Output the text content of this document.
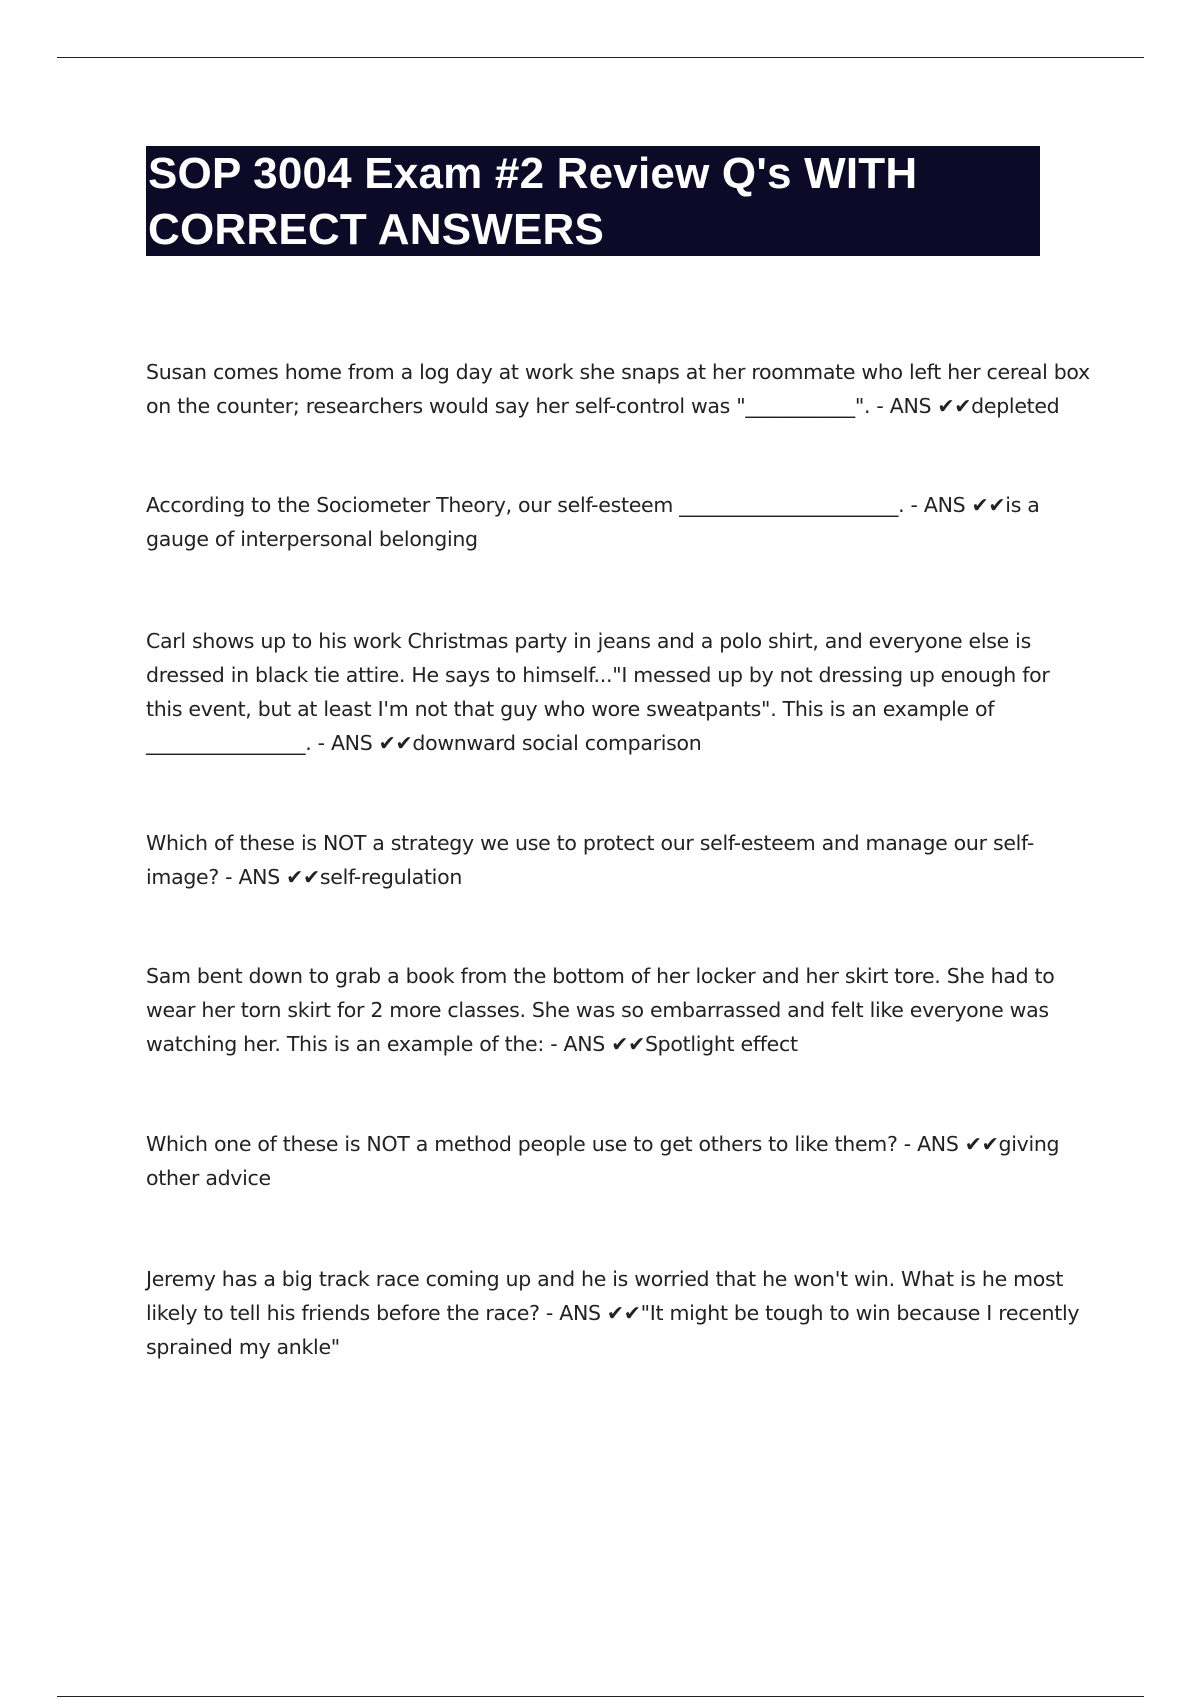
SOP 3004 Exam #2 Review Q's WITH CORRECT ANSWERS

Susan comes home from a log day at work she snaps at her roommate who left her cereal box on the counter; researchers would say her self-control was "___________". - ANS ✔✔depleted

According to the Sociometer Theory, our self-esteem ______________________. - ANS ✔✔is a gauge of interpersonal belonging

Carl shows up to his work Christmas party in jeans and a polo shirt, and everyone else is dressed in black tie attire. He says to himself..."I messed up by not dressing up enough for this event, but at least I'm not that guy who wore sweatpants". This is an example of ________________. - ANS ✔✔downward social comparison

Which of these is NOT a strategy we use to protect our self-esteem and manage our self-image? - ANS ✔✔self-regulation

Sam bent down to grab a book from the bottom of her locker and her skirt tore. She had to wear her torn skirt for 2 more classes. She was so embarrassed and felt like everyone was watching her. This is an example of the: - ANS ✔✔Spotlight effect

Which one of these is NOT a method people use to get others to like them? - ANS ✔✔giving other advice

Jeremy has a big track race coming up and he is worried that he won't win. What is he most likely to tell his friends before the race? - ANS ✔✔"It might be tough to win because I recently sprained my ankle"
